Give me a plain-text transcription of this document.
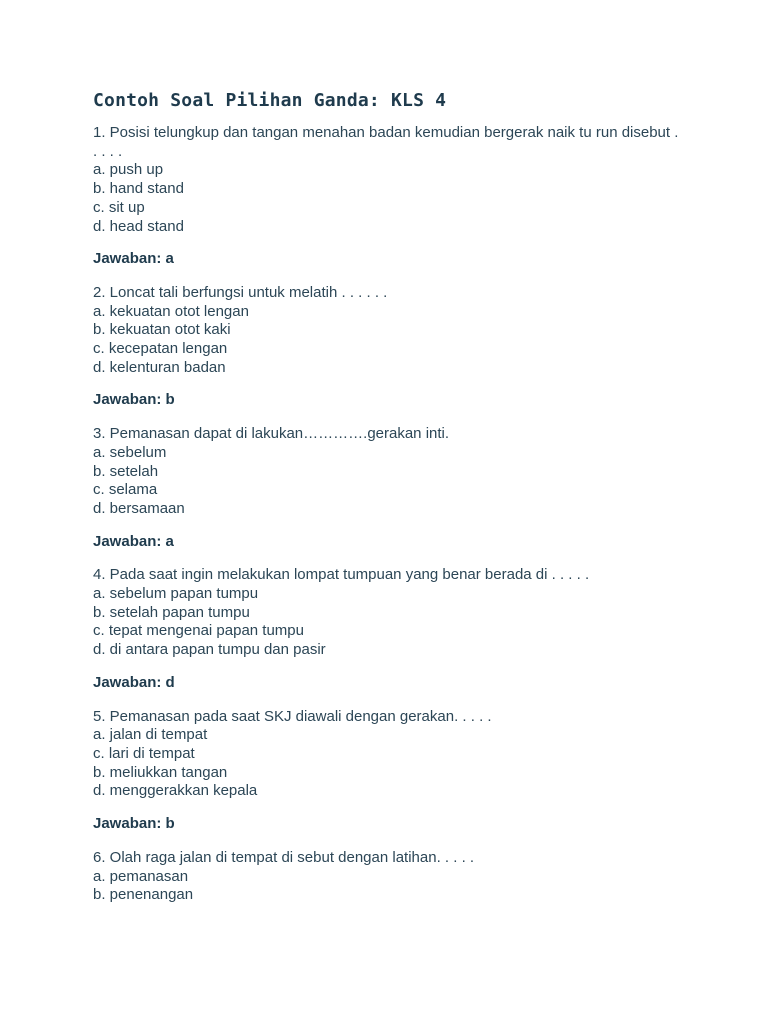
Contoh Soal Pilihan Ganda: KLS 4
1. Posisi telungkup dan tangan menahan badan kemudian bergerak naik tu run disebut . . . . .
a. push up
b. hand stand
c. sit up
d. head stand
Jawaban: a
2. Loncat tali berfungsi untuk melatih . . . . . .
a. kekuatan otot lengan
b. kekuatan otot kaki
c. kecepatan lengan
d. kelenturan badan
Jawaban: b
3. Pemanasan dapat di lakukan………….gerakan inti.
a. sebelum
b. setelah
c. selama
d. bersamaan
Jawaban: a
4. Pada saat ingin melakukan lompat tumpuan yang benar berada di . . . . .
a. sebelum papan tumpu
b. setelah papan tumpu
c. tepat mengenai papan tumpu
d. di antara papan tumpu dan pasir
Jawaban: d
5. Pemanasan pada saat SKJ diawali dengan gerakan. . . . .
a. jalan di tempat
c. lari di tempat
b. meliukkan tangan
d. menggerakkan kepala
Jawaban: b
6. Olah raga jalan di tempat di sebut dengan latihan. . . . .
a. pemanasan
b. penenangan
